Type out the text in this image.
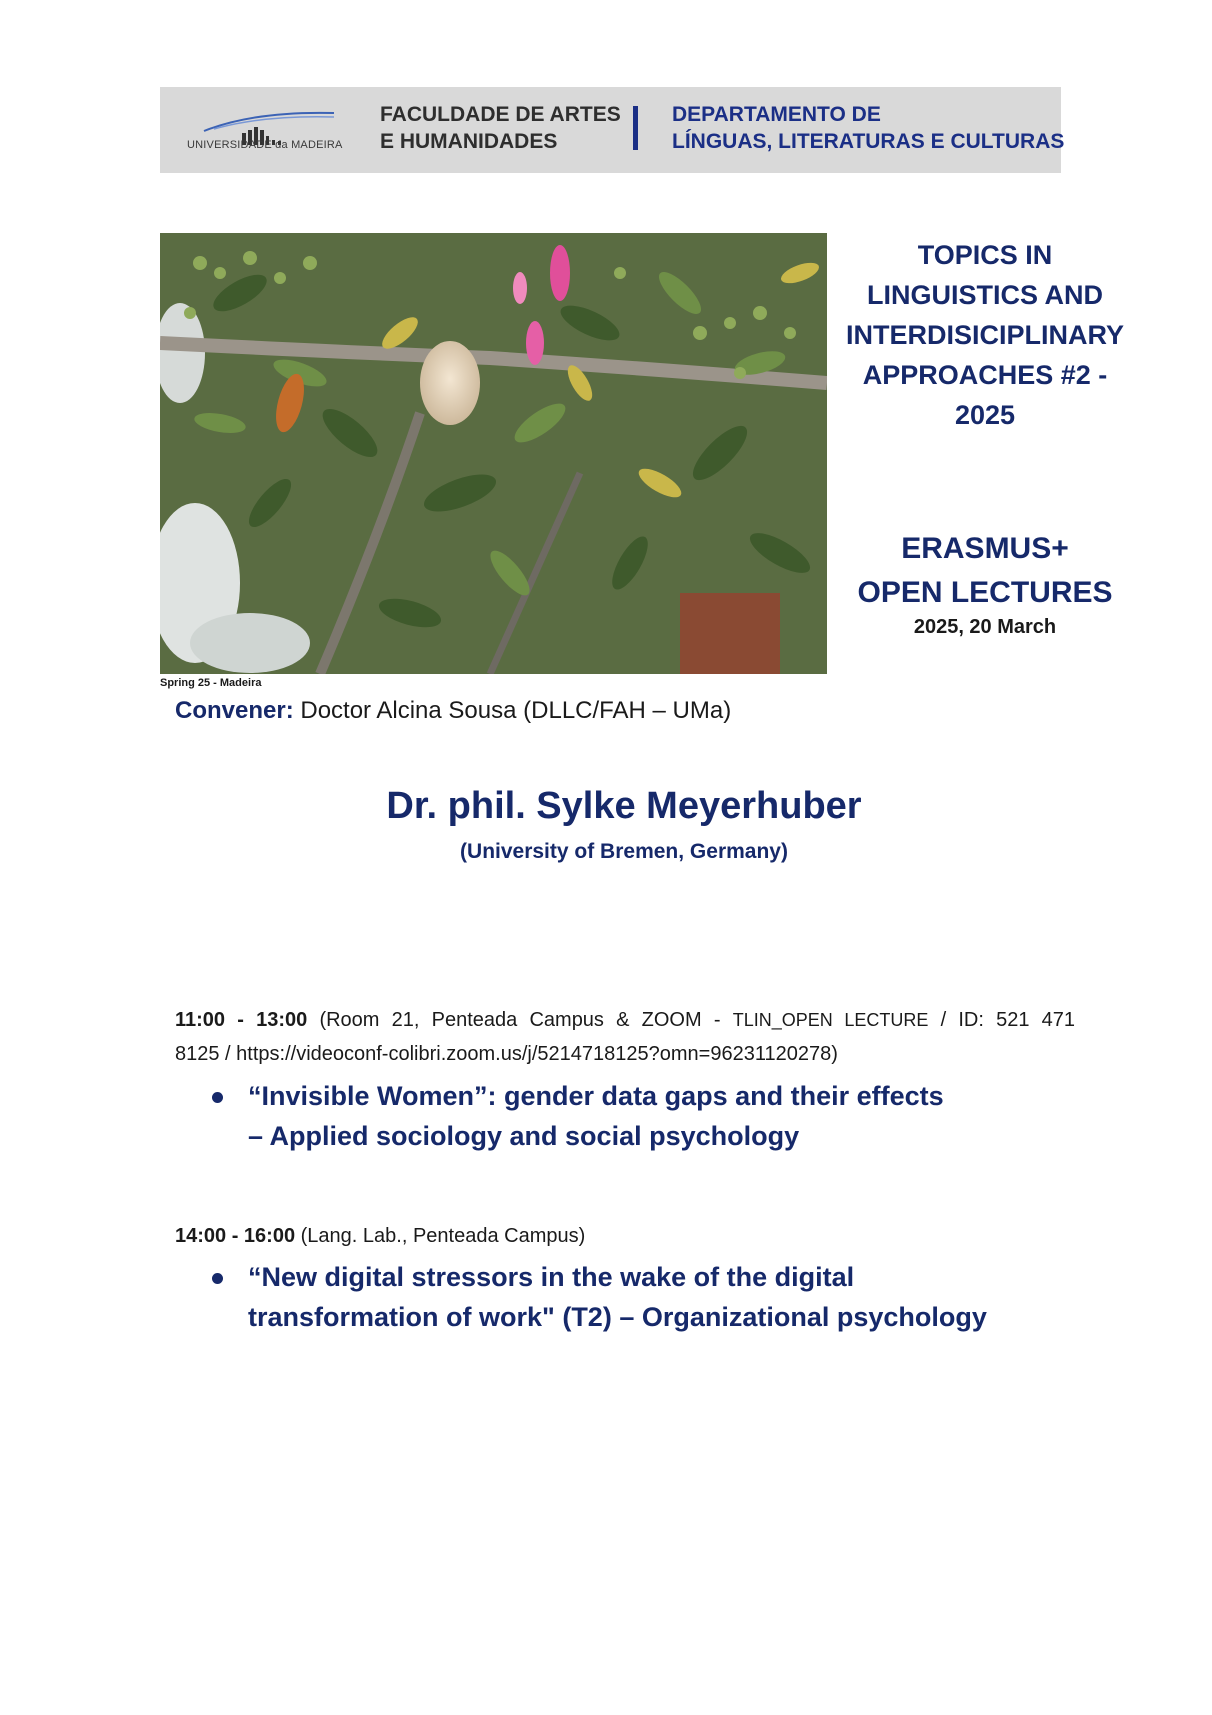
UNIVERSIDADE da MADEIRA
FACULDADE DE ARTES
E HUMANIDADES
DEPARTAMENTO DE
LÍNGUAS, LITERATURAS E CULTURAS
Spring 25 - Madeira
TOPICS IN
LINGUISTICS AND
INTERDISICIPLINARY
APPROACHES #2 -
2025
ERASMUS+
OPEN LECTURES
2025, 20 March
Convener: Doctor Alcina Sousa (DLLC/FAH – UMa)
Dr. phil. Sylke Meyerhuber
(University of Bremen, Germany)
11:00 - 13:00 (Room 21, Penteada Campus & ZOOM - TLIN_OPEN LECTURE / ID: 521 471
8125 / https://videoconf-colibri.zoom.us/j/5214718125?omn=96231120278)
“Invisible Women”: gender data gaps and their effects
– Applied sociology and social psychology
14:00 - 16:00 (Lang. Lab., Penteada Campus)
“New digital stressors in the wake of the digital
transformation of work" (T2) – Organizational psychology
